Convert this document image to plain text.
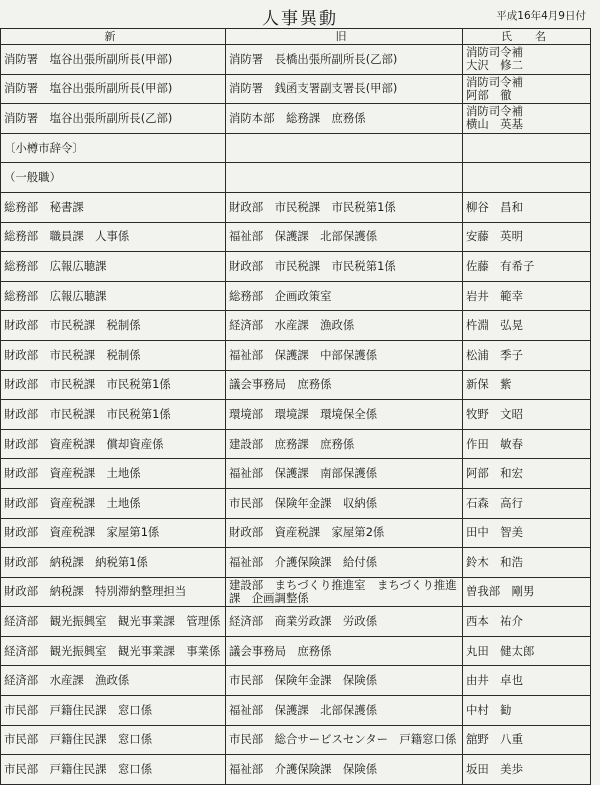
人事異動	平成16年4月9日付
新	旧	氏　名
消防署　塩谷出張所副所長(甲部)	消防署　長橋出張所副所長(乙部)	消防司令補
大沢　修二

消防署　塩谷出張所副所長(甲部)	消防署　銭函支署副支署長(甲部)	消防司令補
阿部　徹

消防署　塩谷出張所副所長(乙部)	消防本部　総務課　庶務係	消防司令補
横山　英基

〔小樽市辞令〕		
（一般職）		
総務部　秘書課	財政部　市民税課　市民税第1係	柳谷　昌和

総務部　職員課　人事係	福祉部　保護課　北部保護係	安藤　英明

総務部　広報広聴課	財政部　市民税課　市民税第1係	佐藤　有希子

総務部　広報広聴課	総務部　企画政策室	岩井　範幸

財政部　市民税課　税制係	経済部　水産課　漁政係	杵淵　弘晃

財政部　市民税課　税制係	福祉部　保護課　中部保護係	松浦　季子

財政部　市民税課　市民税第1係	議会事務局　庶務係	新保　紫

財政部　市民税課　市民税第1係	環境部　環境課　環境保全係	牧野　文昭

財政部　資産税課　償却資産係	建設部　庶務課　庶務係	作田　敏春

財政部　資産税課　土地係	福祉部　保護課　南部保護係	阿部　和宏

財政部　資産税課　土地係	市民部　保険年金課　収納係	石森　高行

財政部　資産税課　家屋第1係	財政部　資産税課　家屋第2係	田中　智美

財政部　納税課　納税第1係	福祉部　介護保険課　給付係	鈴木　和浩

財政部　納税課　特別滞納整理担当	建設部　まちづくり推進室　まちづくり推進課　企画調整係	曽我部　剛男

経済部　観光振興室　観光事業課　管理係	経済部　商業労政課　労政係	西本　祐介

経済部　観光振興室　観光事業課　事業係	議会事務局　庶務係	丸田　健太郎

経済部　水産課　漁政係	市民部　保険年金課　保険係	由井　卓也

市民部　戸籍住民課　窓口係	福祉部　保護課　北部保護係	中村　勧

市民部　戸籍住民課　窓口係	市民部　総合サービスセンター　戸籍窓口係	舘野　八重

市民部　戸籍住民課　窓口係	福祉部　介護保険課　保険係	坂田　美歩
